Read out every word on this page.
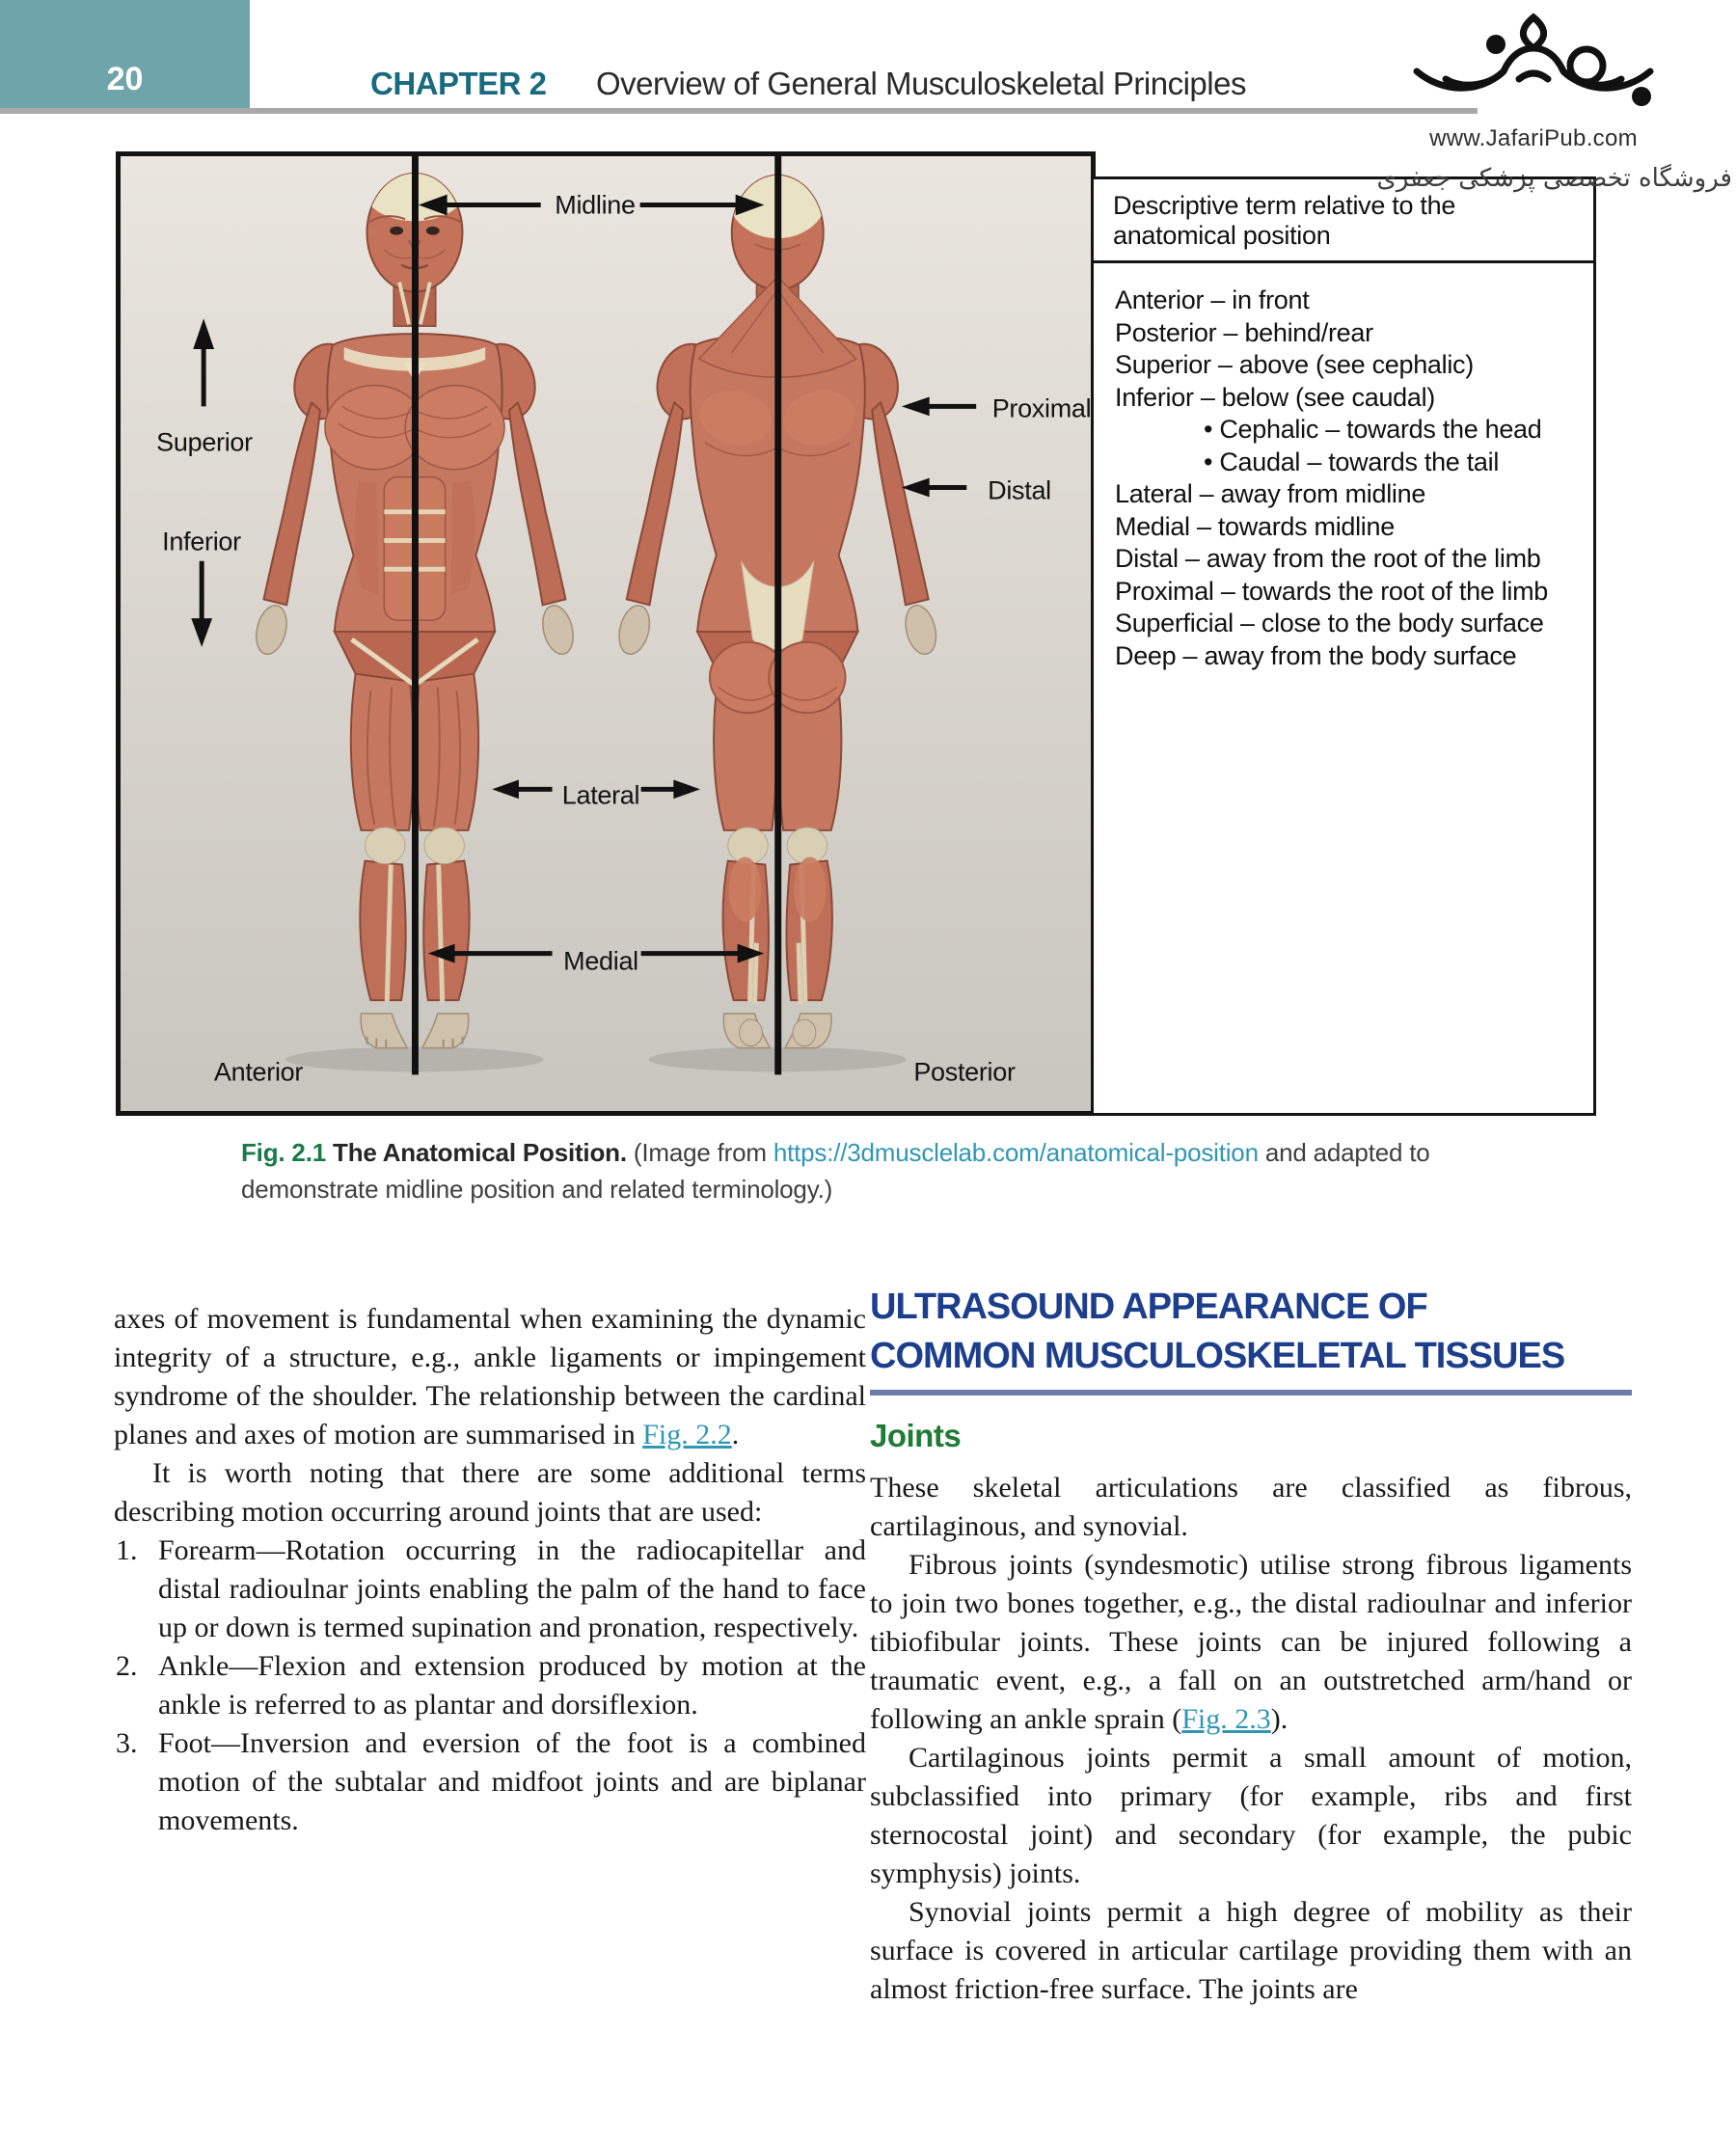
20	CHAPTER 2 Overview of General Musculoskeletal Principles
www.JafariPub.com
فروشگاه تخصصی پزشکی جعفری
Midline
Superior
Inferior
Proximal
Distal
Lateral
Medial
Anterior	Posterior
Descriptive term relative to the anatomical position
Anterior – in front
Posterior – behind/rear
Superior – above (see cephalic)
Inferior – below (see caudal)
• Cephalic – towards the head
• Caudal – towards the tail
Lateral – away from midline
Medial – towards midline
Distal – away from the root of the limb
Proximal – towards the root of the limb
Superficial – close to the body surface
Deep – away from the body surface
Fig. 2.1 The Anatomical Position. (Image from https://3dmusclelab.com/anatomical-position and adapted to demonstrate midline position and related terminology.)

axes of movement is fundamental when examining the dynamic integrity of a structure, e.g., ankle ligaments or impingement syndrome of the shoulder. The relationship between the cardinal planes and axes of motion are summarised in Fig. 2.2.

It is worth noting that there are some additional terms describing motion occurring around joints that are used:

1. Forearm—Rotation occurring in the radiocapitellar and distal radioulnar joints enabling the palm of the hand to face up or down is termed supination and pronation, respectively.
2. Ankle—Flexion and extension produced by motion at the ankle is referred to as plantar and dorsiflexion.
3. Foot—Inversion and eversion of the foot is a combined motion of the subtalar and midfoot joints and are biplanar movements.
ULTRASOUND APPEARANCE OF
COMMON MUSCULOSKELETAL TISSUES
Joints

These skeletal articulations are classified as fibrous, cartilaginous, and synovial.

Fibrous joints (syndesmotic) utilise strong fibrous ligaments to join two bones together, e.g., the distal radioulnar and inferior tibiofibular joints. These joints can be injured following a traumatic event, e.g., a fall on an outstretched arm/hand or following an ankle sprain (Fig. 2.3).

Cartilaginous joints permit a small amount of motion, subclassified into primary (for example, ribs and first sternocostal joint) and secondary (for example, the pubic symphysis) joints.

Synovial joints permit a high degree of mobility as their surface is covered in articular cartilage providing them with an almost friction-free surface. The joints are
